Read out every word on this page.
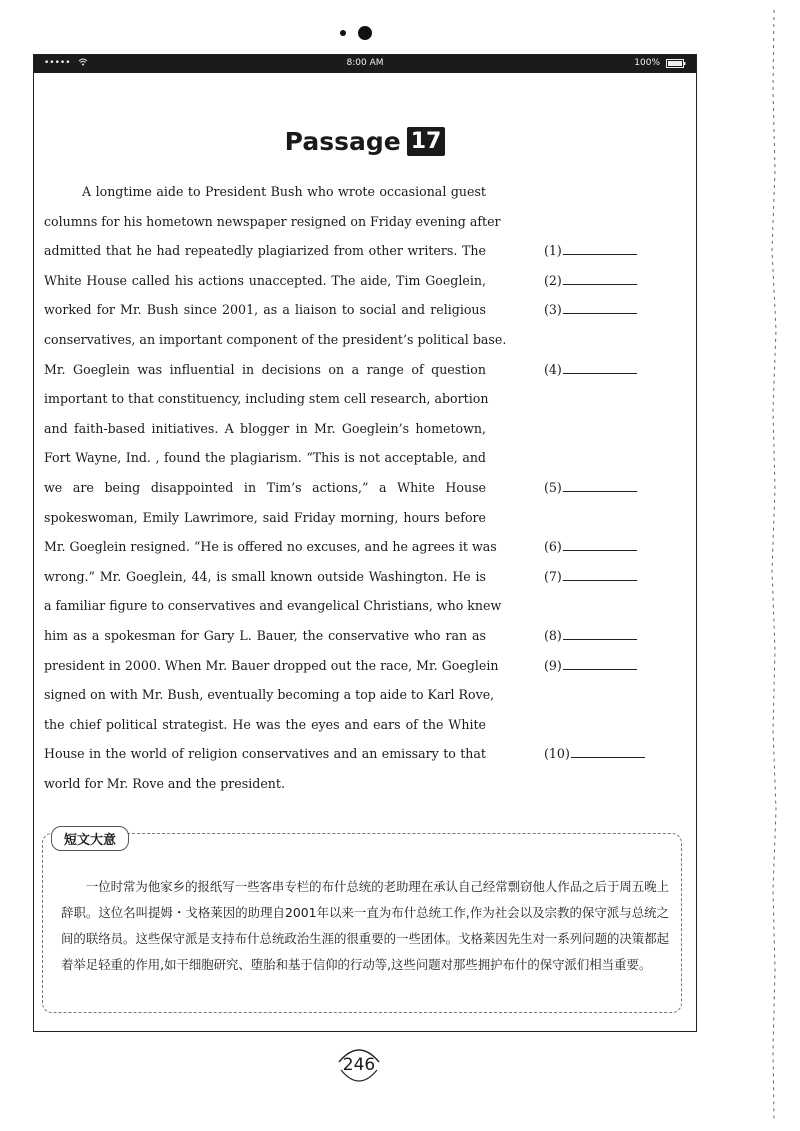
•••••	8:00 AM	100%
Passage 17
A longtime aide to President Bush who wrote occasional guest
columns for his hometown newspaper resigned on Friday evening after
admitted that he had repeatedly plagiarized from other writers. The
White House called his actions unaccepted. The aide, Tim Goeglein,
worked for Mr. Bush since 2001, as a liaison to social and religious
conservatives, an important component of the president’s political base.
Mr. Goeglein was influential in decisions on a range of question
important to that constituency, including stem cell research, abortion
and faith-based initiatives. A blogger in Mr. Goeglein’s hometown,
Fort Wayne, Ind. , found the plagiarism. “This is not acceptable, and
we are being disappointed in Tim’s actions,” a White House
spokeswoman, Emily Lawrimore, said Friday morning, hours before
Mr. Goeglein resigned. “He is offered no excuses, and he agrees it was
wrong.” Mr. Goeglein, 44, is small known outside Washington. He is
a familiar figure to conservatives and evangelical Christians, who knew
him as a spokesman for Gary L. Bauer, the conservative who ran as
president in 2000. When Mr. Bauer dropped out the race, Mr. Goeglein
signed on with Mr. Bush, eventually becoming a top aide to Karl Rove,
the chief political strategist. He was the eyes and ears of the White
House in the world of religion conservatives and an emissary to that
world for Mr. Rove and the president.
(1)
(2)
(3)
(4)
(5)
(6)
(7)
(8)
(9)
(10)
短文大意

一位时常为他家乡的报纸写一些客串专栏的布什总统的老助理在承认自己经常剽窃他人作品之后于周五晚上辞职。这位名叫提姆・戈格莱因的助理自2001年以来一直为布什总统工作,作为社会以及宗教的保守派与总统之间的联络员。这些保守派是支持布什总统政治生涯的很重要的一些团体。戈格莱因先生对一系列问题的决策都起着举足轻重的作用,如干细胞研究、堕胎和基于信仰的行动等,这些问题对那些拥护布什的保守派们相当重要。

246
